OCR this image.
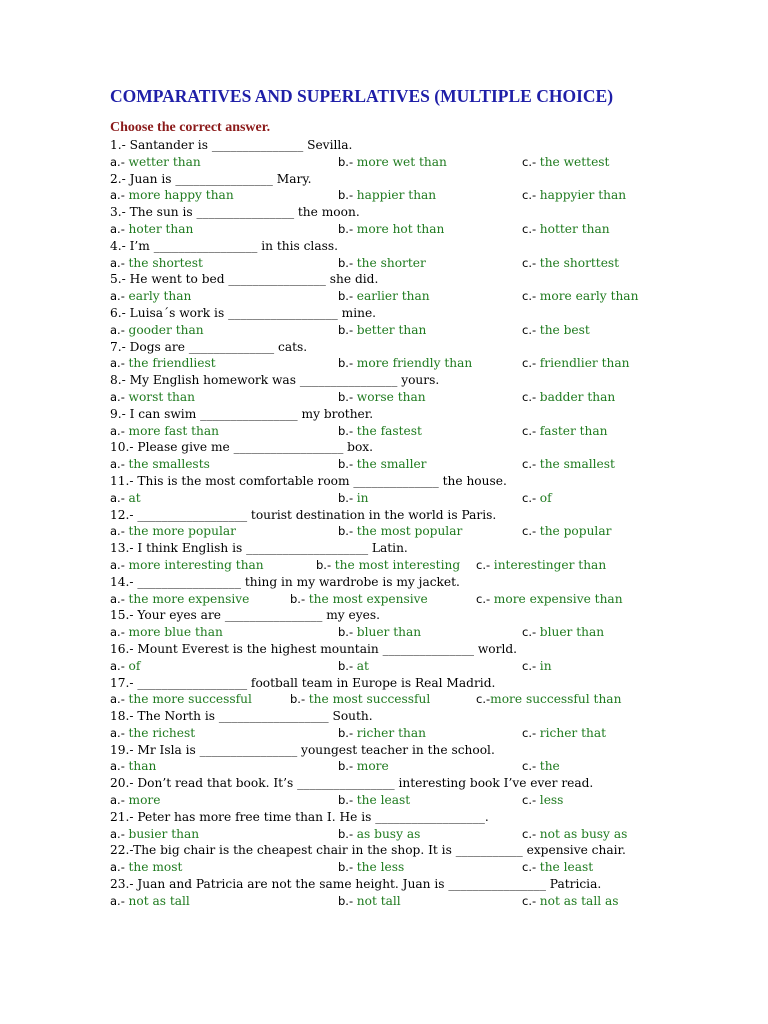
COMPARATIVES AND SUPERLATIVES (MULTIPLE CHOICE)
Choose the correct answer.
1.- Santander is _______________ Sevilla.
a.- wetter than	b.- more wet than	c.- the wettest
2.- Juan is ________________ Mary.
a.- more happy than	b.- happier than	c.- happyier than
3.- The sun is ________________ the moon.
a.- hoter than	b.- more hot than	c.- hotter than
4.- I’m _________________ in this class.
a.- the shortest	b.- the shorter	c.- the shorttest
5.- He went to bed ________________ she did.
a.- early than	b.- earlier than	c.- more early than
6.- Luisa´s work is __________________ mine.
a.- gooder than	b.- better than	c.- the best
7.- Dogs are ______________ cats.
a.- the friendliest	b.- more friendly than	c.- friendlier than
8.- My English homework was ________________ yours.
a.- worst than	b.- worse than	c.- badder than
9.- I can swim ________________ my brother.
a.- more fast than	b.- the fastest	c.- faster than
10.- Please give me __________________ box.
a.- the smallests	b.- the smaller	c.- the smallest
11.- This is the most comfortable room ______________ the house.
a.- at	b.- in	c.- of
12.- __________________ tourist destination in the world is Paris.
a.- the more popular	b.- the most popular	c.- the popular
13.- I think English is ____________________ Latin.
a.- more interesting than	b.- the most interesting c.- interestinger than
14.- _________________ thing in my wardrobe is my jacket.
a.- the more expensive	b.- the most expensive	c.- more expensive than
15.- Your eyes are ________________ my eyes.
a.- more blue than	b.- bluer than	c.- bluer than
16.- Mount Everest is the highest mountain _______________ world.
a.- of	b.- at	c.- in
17.- __________________ football team in Europe is Real Madrid.
a.- the more successful	b.- the most successful	c.-more successful than
18.- The North is __________________ South.
a.- the richest	b.- richer than	c.- richer that
19.- Mr Isla is ________________ youngest teacher in the school.
a.- than	b.- more	c.- the
20.- Don’t read that book. It’s ________________ interesting book I’ve ever read.
a.- more	b.- the least	c.- less
21.- Peter has more free time than I. He is __________________.
a.- busier than	b.- as busy as	c.- not as busy as
22.-The big chair is the cheapest chair in the shop. It is ___________ expensive chair.
a.- the most	b.- the less	c.- the least
23.- Juan and Patricia are not the same height. Juan is ________________ Patricia.
a.- not as tall	b.- not tall	c.- not as tall as
